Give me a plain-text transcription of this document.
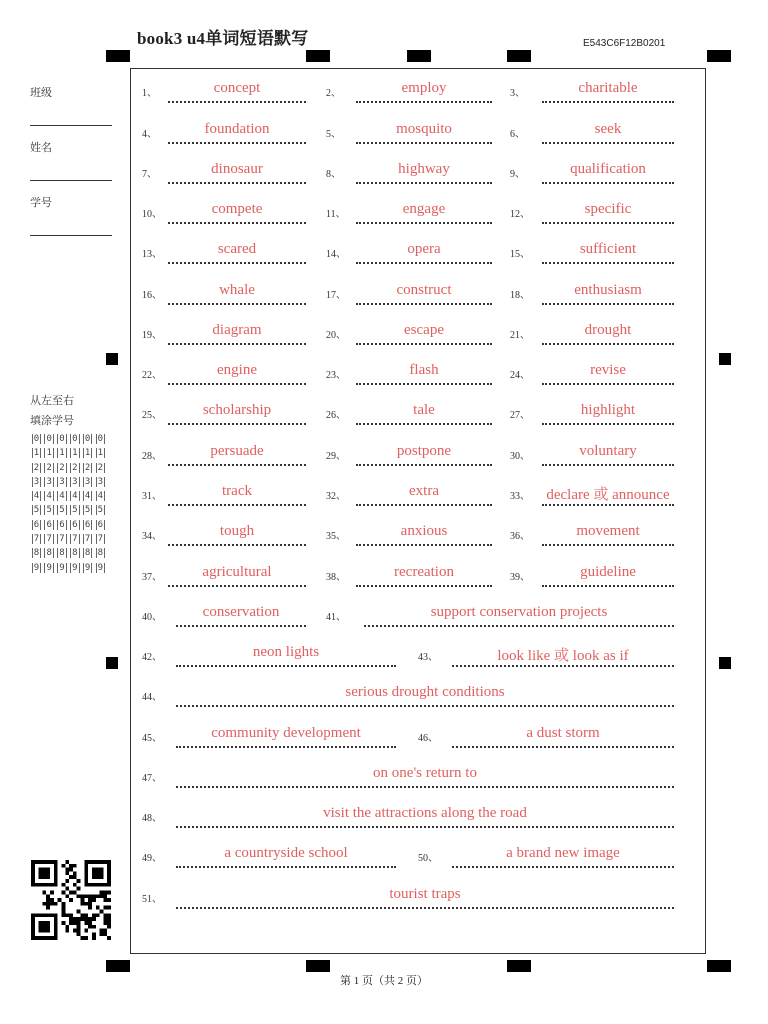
book3 u4单词短语默写	E543C6F12B0201
班级
姓名
学号
从左至右
填涂学号
0 0 0 0 0 0
1 1 1 1 1 1
2 2 2 2 2 2
3 3 3 3 3 3
4 4 4 4 4 4
5 5 5 5 5 5
6 6 6 6 6 6
7 7 7 7 7 7
8 8 8 8 8 8
9 9 9 9 9 9
1、	concept	2、	employ	3、	charitable
4、	foundation	5、	mosquito	6、	seek
7、	dinosaur	8、	highway	9、	qualification
10、	compete	11、	engage	12、	specific
13、	scared	14、	opera	15、	sufficient
16、	whale	17、	construct	18、	enthusiasm
19、	diagram	20、	escape	21、	drought
22、	engine	23、	flash	24、	revise
25、	scholarship	26、	tale	27、	highlight
28、	persuade	29、	postpone	30、	voluntary
31、	track	32、	extra	33、 declare 或 announce
34、	tough	35、	anxious	36、	movement
37、	agricultural	38、	recreation	39、	guideline
40、	conservation	41、	support conservation projects
42、	neon lights	43、	look like 或 look as if
44、	serious drought conditions
45、	community development	46、	a dust storm
47、	on one's return to
48、	visit the attractions along the road
49、	a countryside school	50、	a brand new image
51、	tourist traps
第 1 页（共 2 页）
